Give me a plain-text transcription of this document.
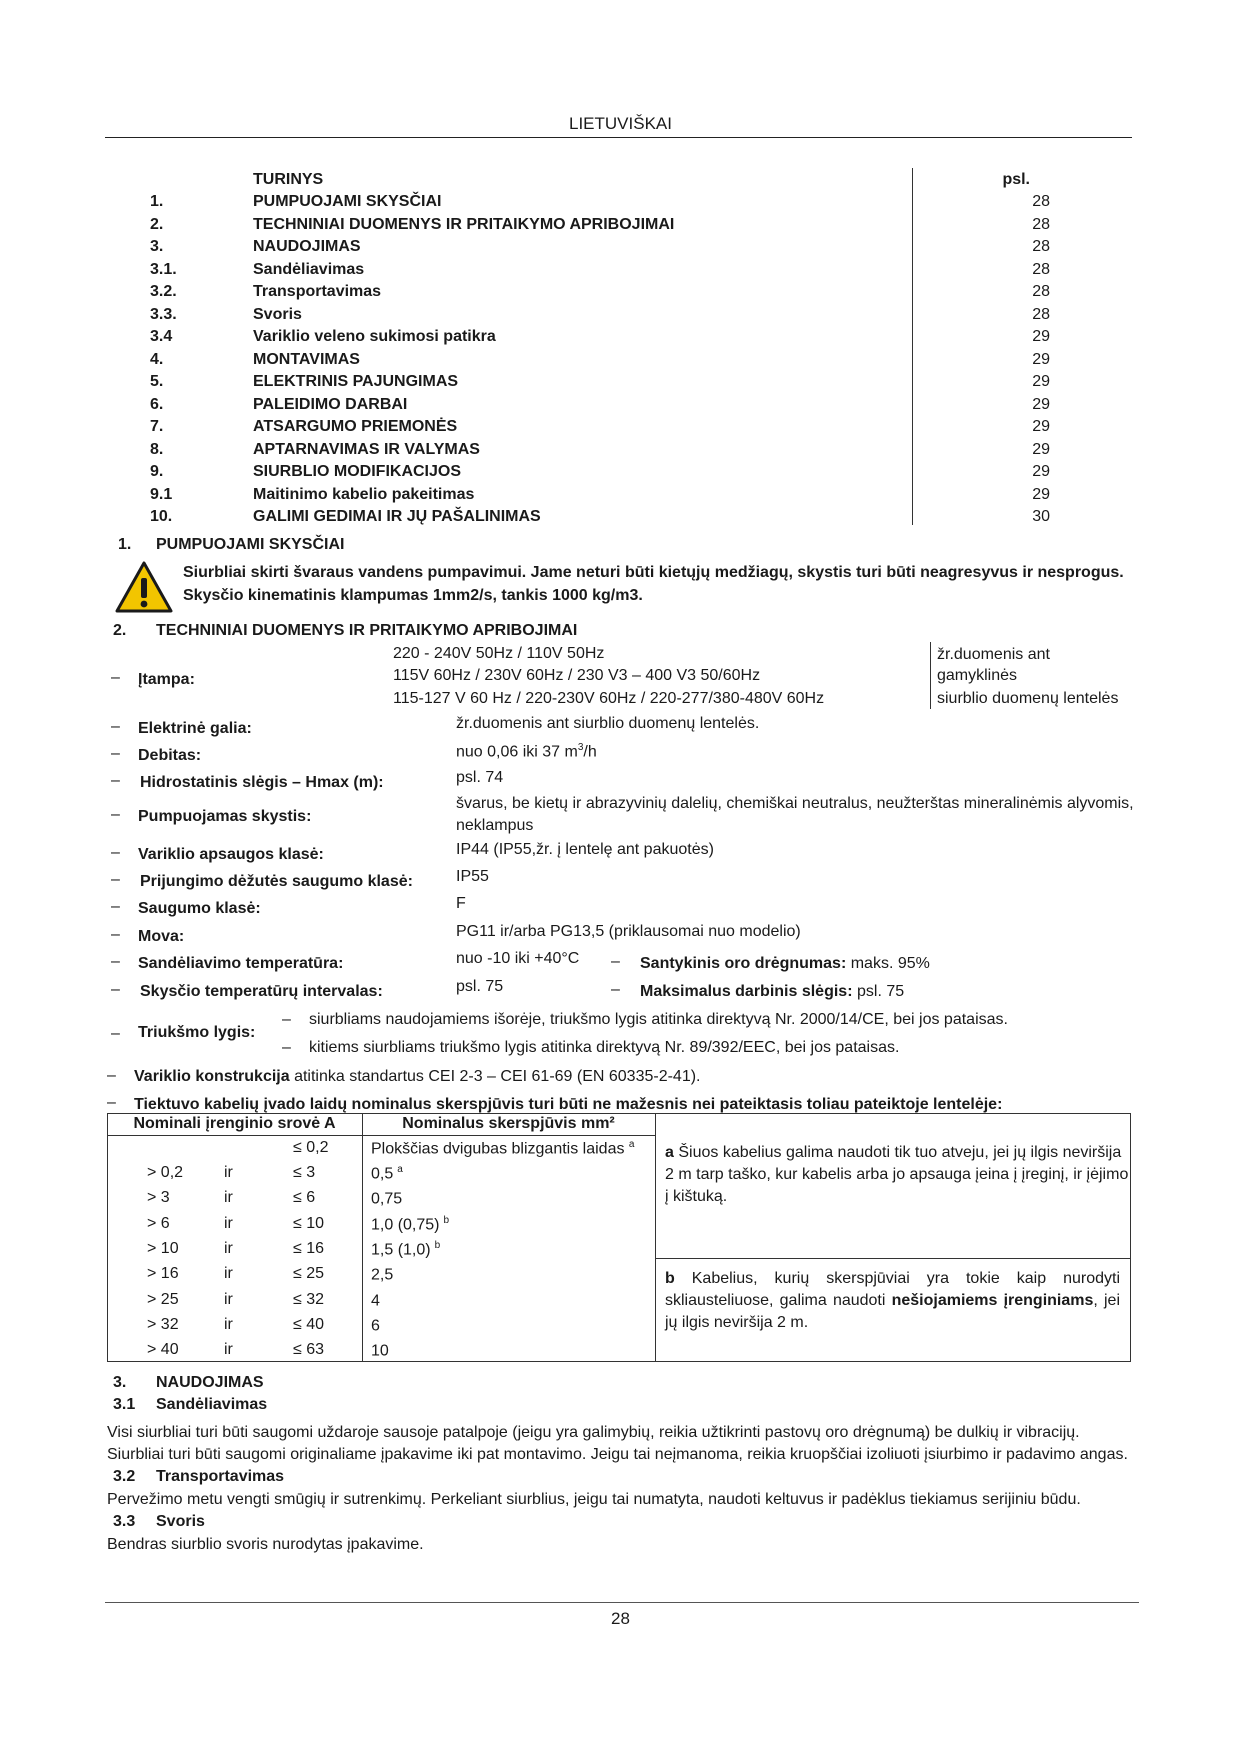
LIETUVIŠKAI
TURINYS	psl.
1.	PUMPUOJAMI SKYSČIAI	28
2.	TECHNINIAI DUOMENYS IR PRITAIKYMO APRIBOJIMAI	28
3.	NAUDOJIMAS	28
3.1.	Sandėliavimas	28
3.2.	Transportavimas	28
3.3.	Svoris	28
3.4	Variklio veleno sukimosi patikra	29
4.	MONTAVIMAS	29
5.	ELEKTRINIS PAJUNGIMAS	29
6.	PALEIDIMO DARBAI	29
7.	ATSARGUMO PRIEMONĖS	29
8.	APTARNAVIMAS IR VALYMAS	29
9.	SIURBLIO MODIFIKACIJOS	29
9.1	Maitinimo kabelio pakeitimas	29
10.	GALIMI GEDIMAI IR JŲ PAŠALINIMAS	30
1. PUMPUOJAMI SKYSČIAI
Siurbliai skirti švaraus vandens pumpavimui. Jame neturi būti kietųjų medžiagų, skystis turi būti neagresyvus ir nesprogus.
Skysčio kinematinis klampumas 1mm2/s, tankis 1000 kg/m3.
2. TECHNINIAI DUOMENYS IR PRITAIKYMO APRIBOJIMAI
– Įtampa:
220 - 240V 50Hz / 110V 50Hz
115V 60Hz / 230V 60Hz / 230 V3 – 400 V3 50/60Hz
115-127 V 60 Hz / 220-230V 60Hz / 220-277/380-480V 60Hz
žr.duomenis ant
gamyklinės
siurblio duomenų lentelės
– Elektrinė galia:	žr.duomenis ant siurblio duomenų lentelės.
– Debitas:	nuo 0,06 iki 37 $m^3/h$
– Hidrostatinis slėgis – Hmax (m):	psl. 74
– Pumpuojamas skystis:
švarus, be kietų ir abrazyvinių dalelių, chemiškai neutralus, neužterštas mineralinėmis alyvomis,
neklampus
– Variklio apsaugos klasė:	IP44 (IP55,žr. į lentelę ant pakuotės)
– Prijungimo dėžutės saugumo klasė:	IP55
– Saugumo klasė:	F
– Mova:	PG11 ir/arba PG13,5 (priklausomai nuo modelio)
– Sandėliavimo temperatūra:	nuo -10 iki +40°C – Santykinis oro drėgnumas: maks. 95%
– Skysčio temperatūrų intervalas:	psl. 75	– Maksimalus darbinis slėgis: psl. 75
– Triukšmo lygis:
– siurbliams naudojamiems išorėje, triukšmo lygis atitinka direktyvą Nr. 2000/14/CE, bei jos pataisas.
– kitiems siurbliams triukšmo lygis atitinka direktyvą Nr. 89/392/EEC, bei jos pataisas.
– Variklio konstrukcija atitinka standartus CEI 2-3 – CEI 61-69 (EN 60335-2-41).
– Tiektuvo kabelių įvado laidų nominalus skerspjūvis turi būti ne mažesnis nei pateiktasis toliau pateiktoje lentelėje:
Nominali įrenginio srovė A	Nominalus skerspjūvis mm²
≤ 0,2	Plokščias dvigubas blizgantis laidas $^a$
> 0,2	ir	≤ 3	0,5 $^a$
> 3	ir	≤ 6	0,75
> 6	ir	≤ 10	1,0 (0,75) $^b$
> 10	ir	≤ 16	1,5 (1,0) $^b$
> 16	ir	≤ 25	2,5
> 25	ir	≤ 32	4
> 32	ir	≤ 40	6
> 40	ir	≤ 63	10
a Šiuos kabelius galima naudoti tik tuo atveju, jei jų ilgis neviršija 2 m tarp taško, kur kabelis arba jo apsauga įeina į įreginį, ir įėjimo į kištuką.
b Kabelius, kurių skerspjūviai yra tokie kaip nurodyti skliausteliuose, galima naudoti nešiojamiems įrenginiams, jei jų ilgis neviršija 2 m.
3. NAUDOJIMAS
3.1 Sandėliavimas
Visi siurbliai turi būti saugomi uždaroje sausoje patalpoje (jeigu yra galimybių, reikia užtikrinti pastovų oro drėgnumą) be dulkių ir vibracijų.
Siurbliai turi būti saugomi originaliame įpakavime iki pat montavimo. Jeigu tai neįmanoma, reikia kruopščiai izoliuoti įsiurbimo ir padavimo angas.
3.2 Transportavimas
Pervežimo metu vengti smūgių ir sutrenkimų. Perkeliant siurblius, jeigu tai numatyta, naudoti keltuvus ir padėklus tiekiamus serijiniu būdu.
3.3 Svoris
Bendras siurblio svoris nurodytas įpakavime.
28
